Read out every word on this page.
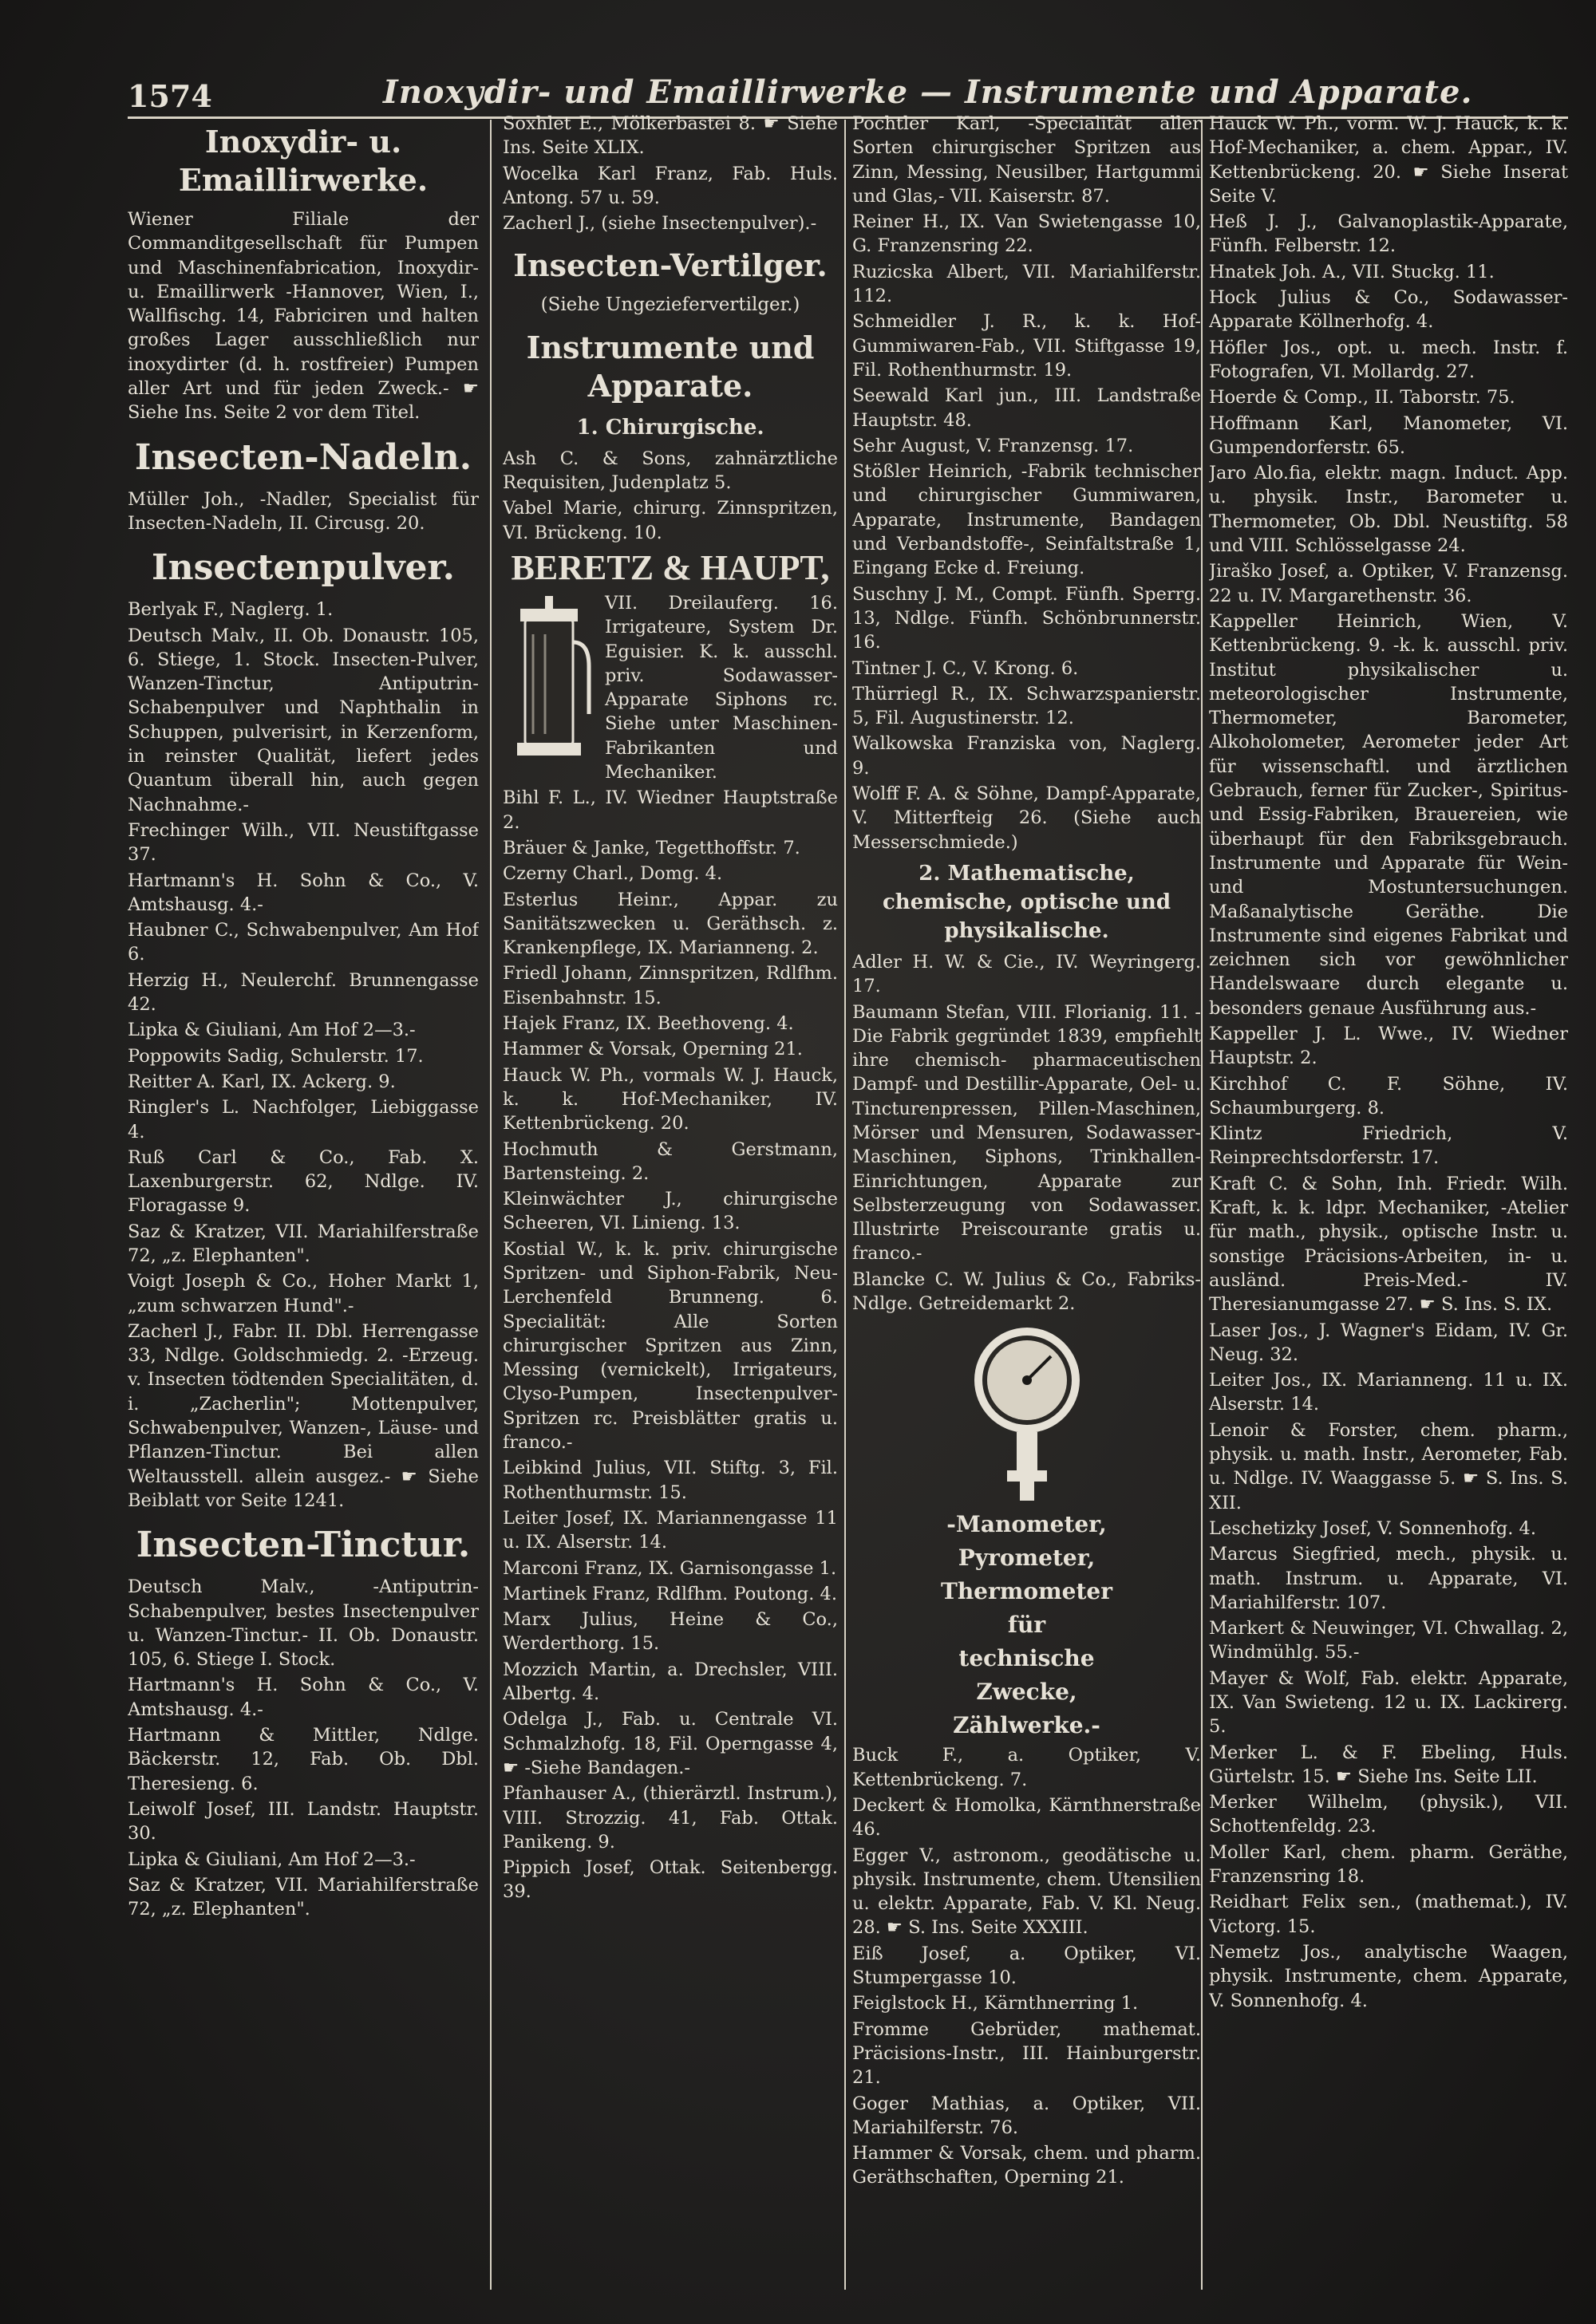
1574	Inoxydir- und Emaillirwerke — Instrumente und Apparate.

Inoxydir- u. Emaillirwerke.

Wiener Filiale der Commanditgesellschaft für Pumpen und Maschinenfabrication, Inoxydir- u. Emaillirwerk -Hannover, Wien, I., Wallfischg. 14, Fabriciren und halten großes Lager ausschließlich nur inoxydirter (d. h. rostfreier) Pumpen aller Art und für jeden Zweck.- ☛ Siehe Ins. Seite 2 vor dem Titel.

Insecten-Nadeln.

Müller Joh., -Nadler, Specialist für Insecten-Nadeln, II. Circusg. 20.

Insectenpulver.

Berlyak F., Naglerg. 1.

Deutsch Malv., II. Ob. Donaustr. 105, 6. Stiege, 1. Stock. Insecten-Pulver, Wanzen-Tinctur, Antiputrin-Schabenpulver und Naphthalin in Schuppen, pulverisirt, in Kerzenform, in reinster Qualität, liefert jedes Quantum überall hin, auch gegen Nachnahme.-

Frechinger Wilh., VII. Neustiftgasse 37.

Hartmann's H. Sohn & Co., V. Amtshausg. 4.-

Haubner C., Schwabenpulver, Am Hof 6.

Herzig H., Neulerchf. Brunnengasse 42.

Lipka & Giuliani, Am Hof 2—3.-

Poppowits Sadig, Schulerstr. 17.

Reitter A. Karl, IX. Ackerg. 9.

Ringler's L. Nachfolger, Liebiggasse 4.

Ruß Carl & Co., Fab. X. Laxenburgerstr. 62, Ndlge. IV. Floragasse 9.

Saz & Kratzer, VII. Mariahilferstraße 72, „z. Elephanten".

Voigt Joseph & Co., Hoher Markt 1, „zum schwarzen Hund".-

Zacherl J., Fabr. II. Dbl. Herrengasse 33, Ndlge. Goldschmiedg. 2. -Erzeug. v. Insecten tödtenden Specialitäten, d. i. „Zacherlin"; Mottenpulver, Schwabenpulver, Wanzen-, Läuse- und Pflanzen-Tinctur. Bei allen Weltausstell. allein ausgez.- ☛ Siehe Beiblatt vor Seite 1241.

Insecten-Tinctur.

Deutsch Malv., -Antiputrin-Schabenpulver, bestes Insectenpulver u. Wanzen-Tinctur.- II. Ob. Donaustr. 105, 6. Stiege I. Stock.

Hartmann's H. Sohn & Co., V. Amtshausg. 4.-

Hartmann & Mittler, Ndlge. Bäckerstr. 12, Fab. Ob. Dbl. Theresieng. 6.

Leiwolf Josef, III. Landstr. Hauptstr. 30.

Lipka & Giuliani, Am Hof 2—3.-

Saz & Kratzer, VII. Mariahilferstraße 72, „z. Elephanten".

Soxhlet E., Mölkerbastei 8. ☛ Siehe Ins. Seite XLIX.

Wocelka Karl Franz, Fab. Huls. Antong. 57 u. 59.

Zacherl J., (siehe Insectenpulver).-

Insecten-Vertilger.

(Siehe Ungeziefervertilger.)

Instrumente und Apparate.

1. Chirurgische.

Ash C. & Sons, zahnärztliche Requisiten, Judenplatz 5.

Vabel Marie, chirurg. Zinnspritzen, VI. Brückeng. 10.

BERETZ & HAUPT,

VII. Dreilauferg. 16. Irrigateure, System Dr. Eguisier. K. k. ausschl. priv. Sodawasser-Apparate Siphons rc. Siehe unter Maschinen-Fabrikanten und Mechaniker.

Bihl F. L., IV. Wiedner Hauptstraße 2.

Bräuer & Janke, Tegetthoffstr. 7.

Czerny Charl., Domg. 4.

Esterlus Heinr., Appar. zu Sanitätszwecken u. Geräthsch. z. Krankenpflege, IX. Marianneng. 2.

Friedl Johann, Zinnspritzen, Rdlfhm. Eisenbahnstr. 15.

Hajek Franz, IX. Beethoveng. 4.

Hammer & Vorsak, Operning 21.

Hauck W. Ph., vormals W. J. Hauck, k. k. Hof-Mechaniker, IV. Kettenbrückeng. 20.

Hochmuth & Gerstmann, Bartensteing. 2.

Kleinwächter J., chirurgische Scheeren, VI. Linieng. 13.

Kostial W., k. k. priv. chirurgische Spritzen- und Siphon-Fabrik, Neu-Lerchenfeld Brunneng. 6. Specialität: Alle Sorten chirurgischer Spritzen aus Zinn, Messing (vernickelt), Irrigateurs, Clyso-Pumpen, Insectenpulver-Spritzen rc. Preisblätter gratis u. franco.-

Leibkind Julius, VII. Stiftg. 3, Fil. Rothenthurmstr. 15.

Leiter Josef, IX. Mariannengasse 11 u. IX. Alserstr. 14.

Marconi Franz, IX. Garnisongasse 1.

Martinek Franz, Rdlfhm. Poutong. 4.

Marx Julius, Heine & Co., Werderthorg. 15.

Mozzich Martin, a. Drechsler, VIII. Albertg. 4.

Odelga J., Fab. u. Centrale VI. Schmalzhofg. 18, Fil. Operngasse 4, ☛ -Siehe Bandagen.-

Pfanhauser A., (thierärztl. Instrum.), VIII. Strozzig. 41, Fab. Ottak. Panikeng. 9.

Pippich Josef, Ottak. Seitenbergg. 39.

Pochtler Karl, -Specialität aller Sorten chirurgischer Spritzen aus Zinn, Messing, Neusilber, Hartgummi und Glas,- VII. Kaiserstr. 87.

Reiner H., IX. Van Swietengasse 10, G. Franzensring 22.

Ruzicska Albert, VII. Mariahilferstr. 112.

Schmeidler J. R., k. k. Hof-Gummiwaren-Fab., VII. Stiftgasse 19, Fil. Rothenthurmstr. 19.

Seewald Karl jun., III. Landstraße Hauptstr. 48.

Sehr August, V. Franzensg. 17.

Stößler Heinrich, -Fabrik technischer und chirurgischer Gummiwaren, Apparate, Instrumente, Bandagen und Verbandstoffe-, Seinfaltstraße 1, Eingang Ecke d. Freiung.

Suschny J. M., Compt. Fünfh. Sperrg. 13, Ndlge. Fünfh. Schönbrunnerstr. 16.

Tintner J. C., V. Krong. 6.

Thürriegl R., IX. Schwarzspanierstr. 5, Fil. Augustinerstr. 12.

Walkowska Franziska von, Naglerg. 9.

Wolff F. A. & Söhne, Dampf-Apparate, V. Mitterfteig 26. (Siehe auch Messerschmiede.)

2. Mathematische, chemische, optische und physikalische.

Adler H. W. & Cie., IV. Weyringerg. 17.

Baumann Stefan, VIII. Florianig. 11. -Die Fabrik gegründet 1839, empfiehlt ihre chemisch- pharmaceutischen Dampf- und Destillir-Apparate, Oel- u. Tincturenpressen, Pillen-Maschinen, Mörser und Mensuren, Sodawasser-Maschinen, Siphons, Trinkhallen-Einrichtungen, Apparate zur Selbsterzeugung von Sodawasser. Illustrirte Preiscourante gratis u. franco.-

Blancke C. W. Julius & Co., Fabriks-Ndlge. Getreidemarkt 2.

-Manometer,

Pyrometer,

Thermometer

für

technische

Zwecke,

Zählwerke.-

Buck F., a. Optiker, V. Kettenbrückeng. 7.

Deckert & Homolka, Kärnthnerstraße 46.

Egger V., astronom., geodätische u. physik. Instrumente, chem. Utensilien u. elektr. Apparate, Fab. V. Kl. Neug. 28. ☛ S. Ins. Seite XXXIII.

Eiß Josef, a. Optiker, VI. Stumpergasse 10.

Feiglstock H., Kärnthnerring 1.

Fromme Gebrüder, mathemat. Präcisions-Instr., III. Hainburgerstr. 21.

Goger Mathias, a. Optiker, VII. Mariahilferstr. 76.

Hammer & Vorsak, chem. und pharm. Geräthschaften, Operning 21.

Hauck W. Ph., vorm. W. J. Hauck, k. k. Hof-Mechaniker, a. chem. Appar., IV. Kettenbrückeng. 20. ☛ Siehe Inserat Seite V.

Heß J. J., Galvanoplastik-Apparate, Fünfh. Felberstr. 12.

Hnatek Joh. A., VII. Stuckg. 11.

Hock Julius & Co., Sodawasser-Apparate Köllnerhofg. 4.

Höfler Jos., opt. u. mech. Instr. f. Fotografen, VI. Mollardg. 27.

Hoerde & Comp., II. Taborstr. 75.

Hoffmann Karl, Manometer, VI. Gumpendorferstr. 65.

Jaro Alo.fia, elektr. magn. Induct. App. u. physik. Instr., Barometer u. Thermometer, Ob. Dbl. Neustiftg. 58 und VIII. Schlösselgasse 24.

Jiraško Josef, a. Optiker, V. Franzensg. 22 u. IV. Margarethenstr. 36.

Kappeller Heinrich, Wien, V. Kettenbrückeng. 9. -k. k. ausschl. priv. Institut physikalischer u. meteorologischer Instrumente, Thermometer, Barometer, Alkoholometer, Aerometer jeder Art für wissenschaftl. und ärztlichen Gebrauch, ferner für Zucker-, Spiritus- und Essig-Fabriken, Brauereien, wie überhaupt für den Fabriksgebrauch. Instrumente und Apparate für Wein- und Mostuntersuchungen. Maßanalytische Geräthe. Die Instrumente sind eigenes Fabrikat und zeichnen sich vor gewöhnlicher Handelswaare durch elegante u. besonders genaue Ausführung aus.-

Kappeller J. L. Wwe., IV. Wiedner Hauptstr. 2.

Kirchhof C. F. Söhne, IV. Schaumburgerg. 8.

Klintz Friedrich, V. Reinprechtsdorferstr. 17.

Kraft C. & Sohn, Inh. Friedr. Wilh. Kraft, k. k. ldpr. Mechaniker, -Atelier für math., physik., optische Instr. u. sonstige Präcisions-Arbeiten, in- u. ausländ. Preis-Med.- IV. Theresianumgasse 27. ☛ S. Ins. S. IX.

Laser Jos., J. Wagner's Eidam, IV. Gr. Neug. 32.

Leiter Jos., IX. Marianneng. 11 u. IX. Alserstr. 14.

Lenoir & Forster, chem. pharm., physik. u. math. Instr., Aerometer, Fab. u. Ndlge. IV. Waaggasse 5. ☛ S. Ins. S. XII.

Leschetizky Josef, V. Sonnenhofg. 4.

Marcus Siegfried, mech., physik. u. math. Instrum. u. Apparate, VI. Mariahilferstr. 107.

Markert & Neuwinger, VI. Chwallag. 2, Windmühlg. 55.-

Mayer & Wolf, Fab. elektr. Apparate, IX. Van Swieteng. 12 u. IX. Lackirerg. 5.

Merker L. & F. Ebeling, Huls. Gürtelstr. 15. ☛ Siehe Ins. Seite LII.

Merker Wilhelm, (physik.), VII. Schottenfeldg. 23.

Moller Karl, chem. pharm. Geräthe, Franzensring 18.

Reidhart Felix sen., (mathemat.), IV. Victorg. 15.

Nemetz Jos., analytische Waagen, physik. Instrumente, chem. Apparate, V. Sonnenhofg. 4.
